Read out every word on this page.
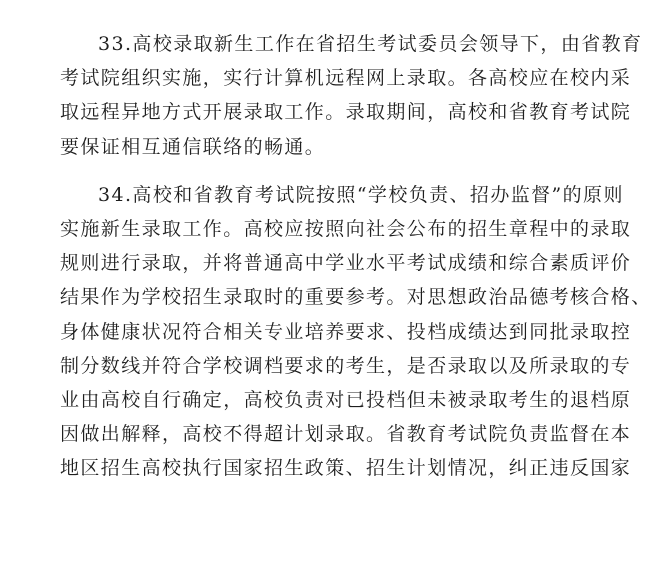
33.高校录取新生工作在省招生考试委员会领导下，由省教育
考试院组织实施，实行计算机远程网上录取。各高校应在校内采
取远程异地方式开展录取工作。录取期间，高校和省教育考试院
要保证相互通信联络的畅通。
34.高校和省教育考试院按照“学校负责、招办监督”的原则
实施新生录取工作。高校应按照向社会公布的招生章程中的录取
规则进行录取，并将普通高中学业水平考试成绩和综合素质评价
结果作为学校招生录取时的重要参考。对思想政治品德考核合格、
身体健康状况符合相关专业培养要求、投档成绩达到同批录取控
制分数线并符合学校调档要求的考生，是否录取以及所录取的专
业由高校自行确定，高校负责对已投档但未被录取考生的退档原
因做出解释，高校不得超计划录取。省教育考试院负责监督在本
地区招生高校执行国家招生政策、招生计划情况，纠正违反国家
